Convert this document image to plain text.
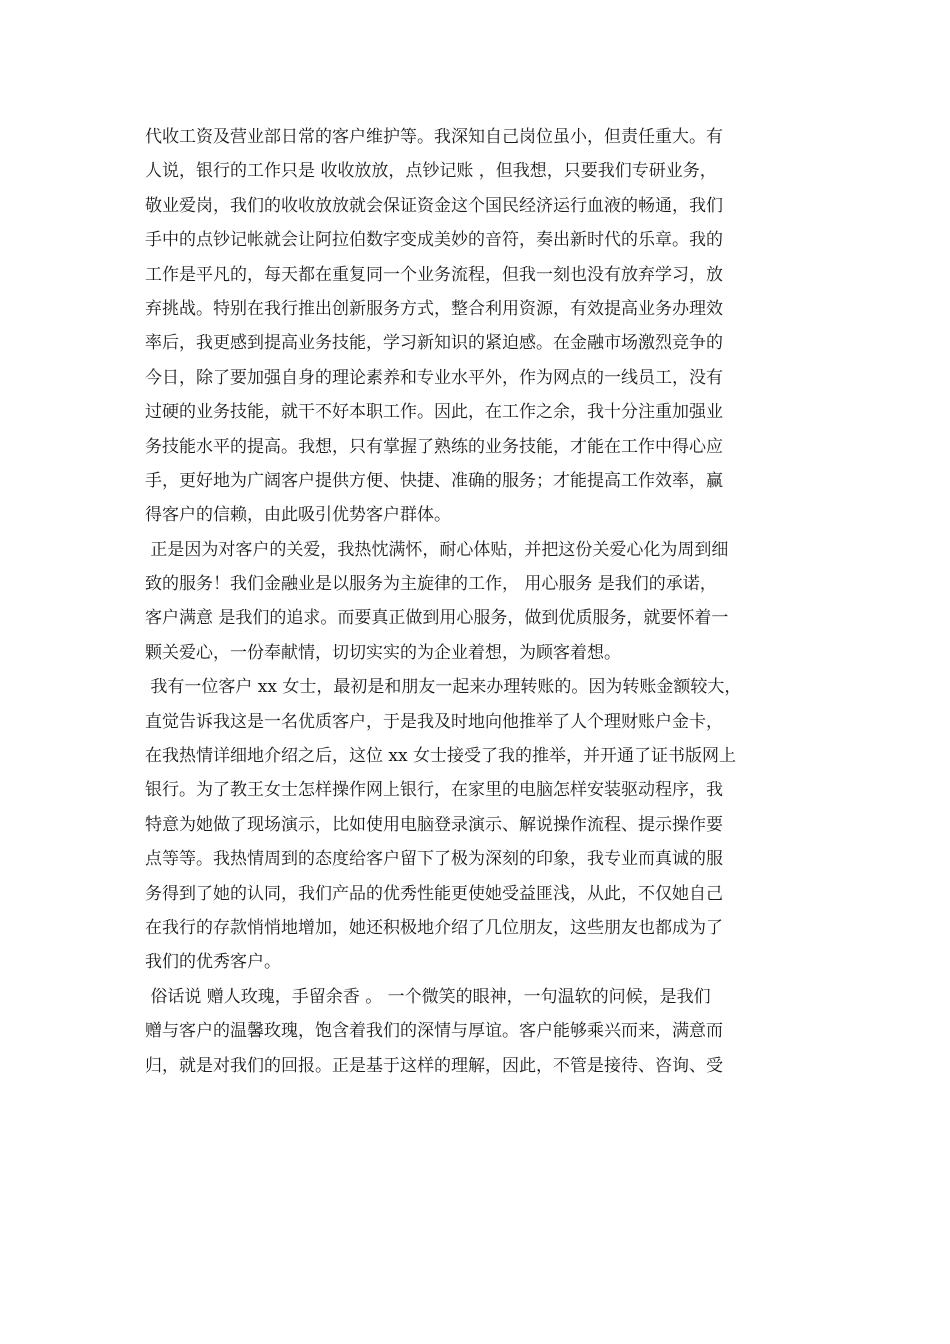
代收工资及营业部日常的客户维护等。我深知自己岗位虽小，但责任重大。有
人说，银行的工作只是 收收放放，点钞记账 ，但我想，只要我们专研业务，
敬业爱岗，我们的收收放放就会保证资金这个国民经济运行血液的畅通，我们
手中的点钞记帐就会让阿拉伯数字变成美妙的音符，奏出新时代的乐章。我的
工作是平凡的，每天都在重复同一个业务流程，但我一刻也没有放弃学习，放
弃挑战。特别在我行推出创新服务方式，整合利用资源，有效提高业务办理效
率后，我更感到提高业务技能，学习新知识的紧迫感。在金融市场激烈竞争的
今日，除了要加强自身的理论素养和专业水平外，作为网点的一线员工，没有
过硬的业务技能，就干不好本职工作。因此，在工作之余，我十分注重加强业
务技能水平的提高。我想，只有掌握了熟练的业务技能，才能在工作中得心应
手，更好地为广阔客户提供方便、快捷、准确的服务；才能提高工作效率，赢
得客户的信赖，由此吸引优势客户群体。
正是因为对客户的关爱，我热忱满怀，耐心体贴，并把这份关爱心化为周到细
致的服务！我们金融业是以服务为主旋律的工作， 用心服务 是我们的承诺，
客户满意 是我们的追求。而要真正做到用心服务，做到优质服务，就要怀着一
颗关爱心，一份奉献情，切切实实的为企业着想，为顾客着想。
我有一位客户 xx 女士，最初是和朋友一起来办理转账的。因为转账金额较大，
直觉告诉我这是一名优质客户，于是我及时地向他推举了人个理财账户金卡，
在我热情详细地介绍之后，这位 xx 女士接受了我的推举，并开通了证书版网上
银行。为了教王女士怎样操作网上银行，在家里的电脑怎样安装驱动程序，我
特意为她做了现场演示，比如使用电脑登录演示、解说操作流程、提示操作要
点等等。我热情周到的态度给客户留下了极为深刻的印象，我专业而真诚的服
务得到了她的认同，我们产品的优秀性能更使她受益匪浅，从此，不仅她自己
在我行的存款悄悄地增加，她还积极地介绍了几位朋友，这些朋友也都成为了
我们的优秀客户。
俗话说 赠人玫瑰，手留余香 。 一个微笑的眼神，一句温软的问候，是我们
赠与客户的温馨玫瑰，饱含着我们的深情与厚谊。客户能够乘兴而来，满意而
归，就是对我们的回报。正是基于这样的理解，因此，不管是接待、咨询、受
